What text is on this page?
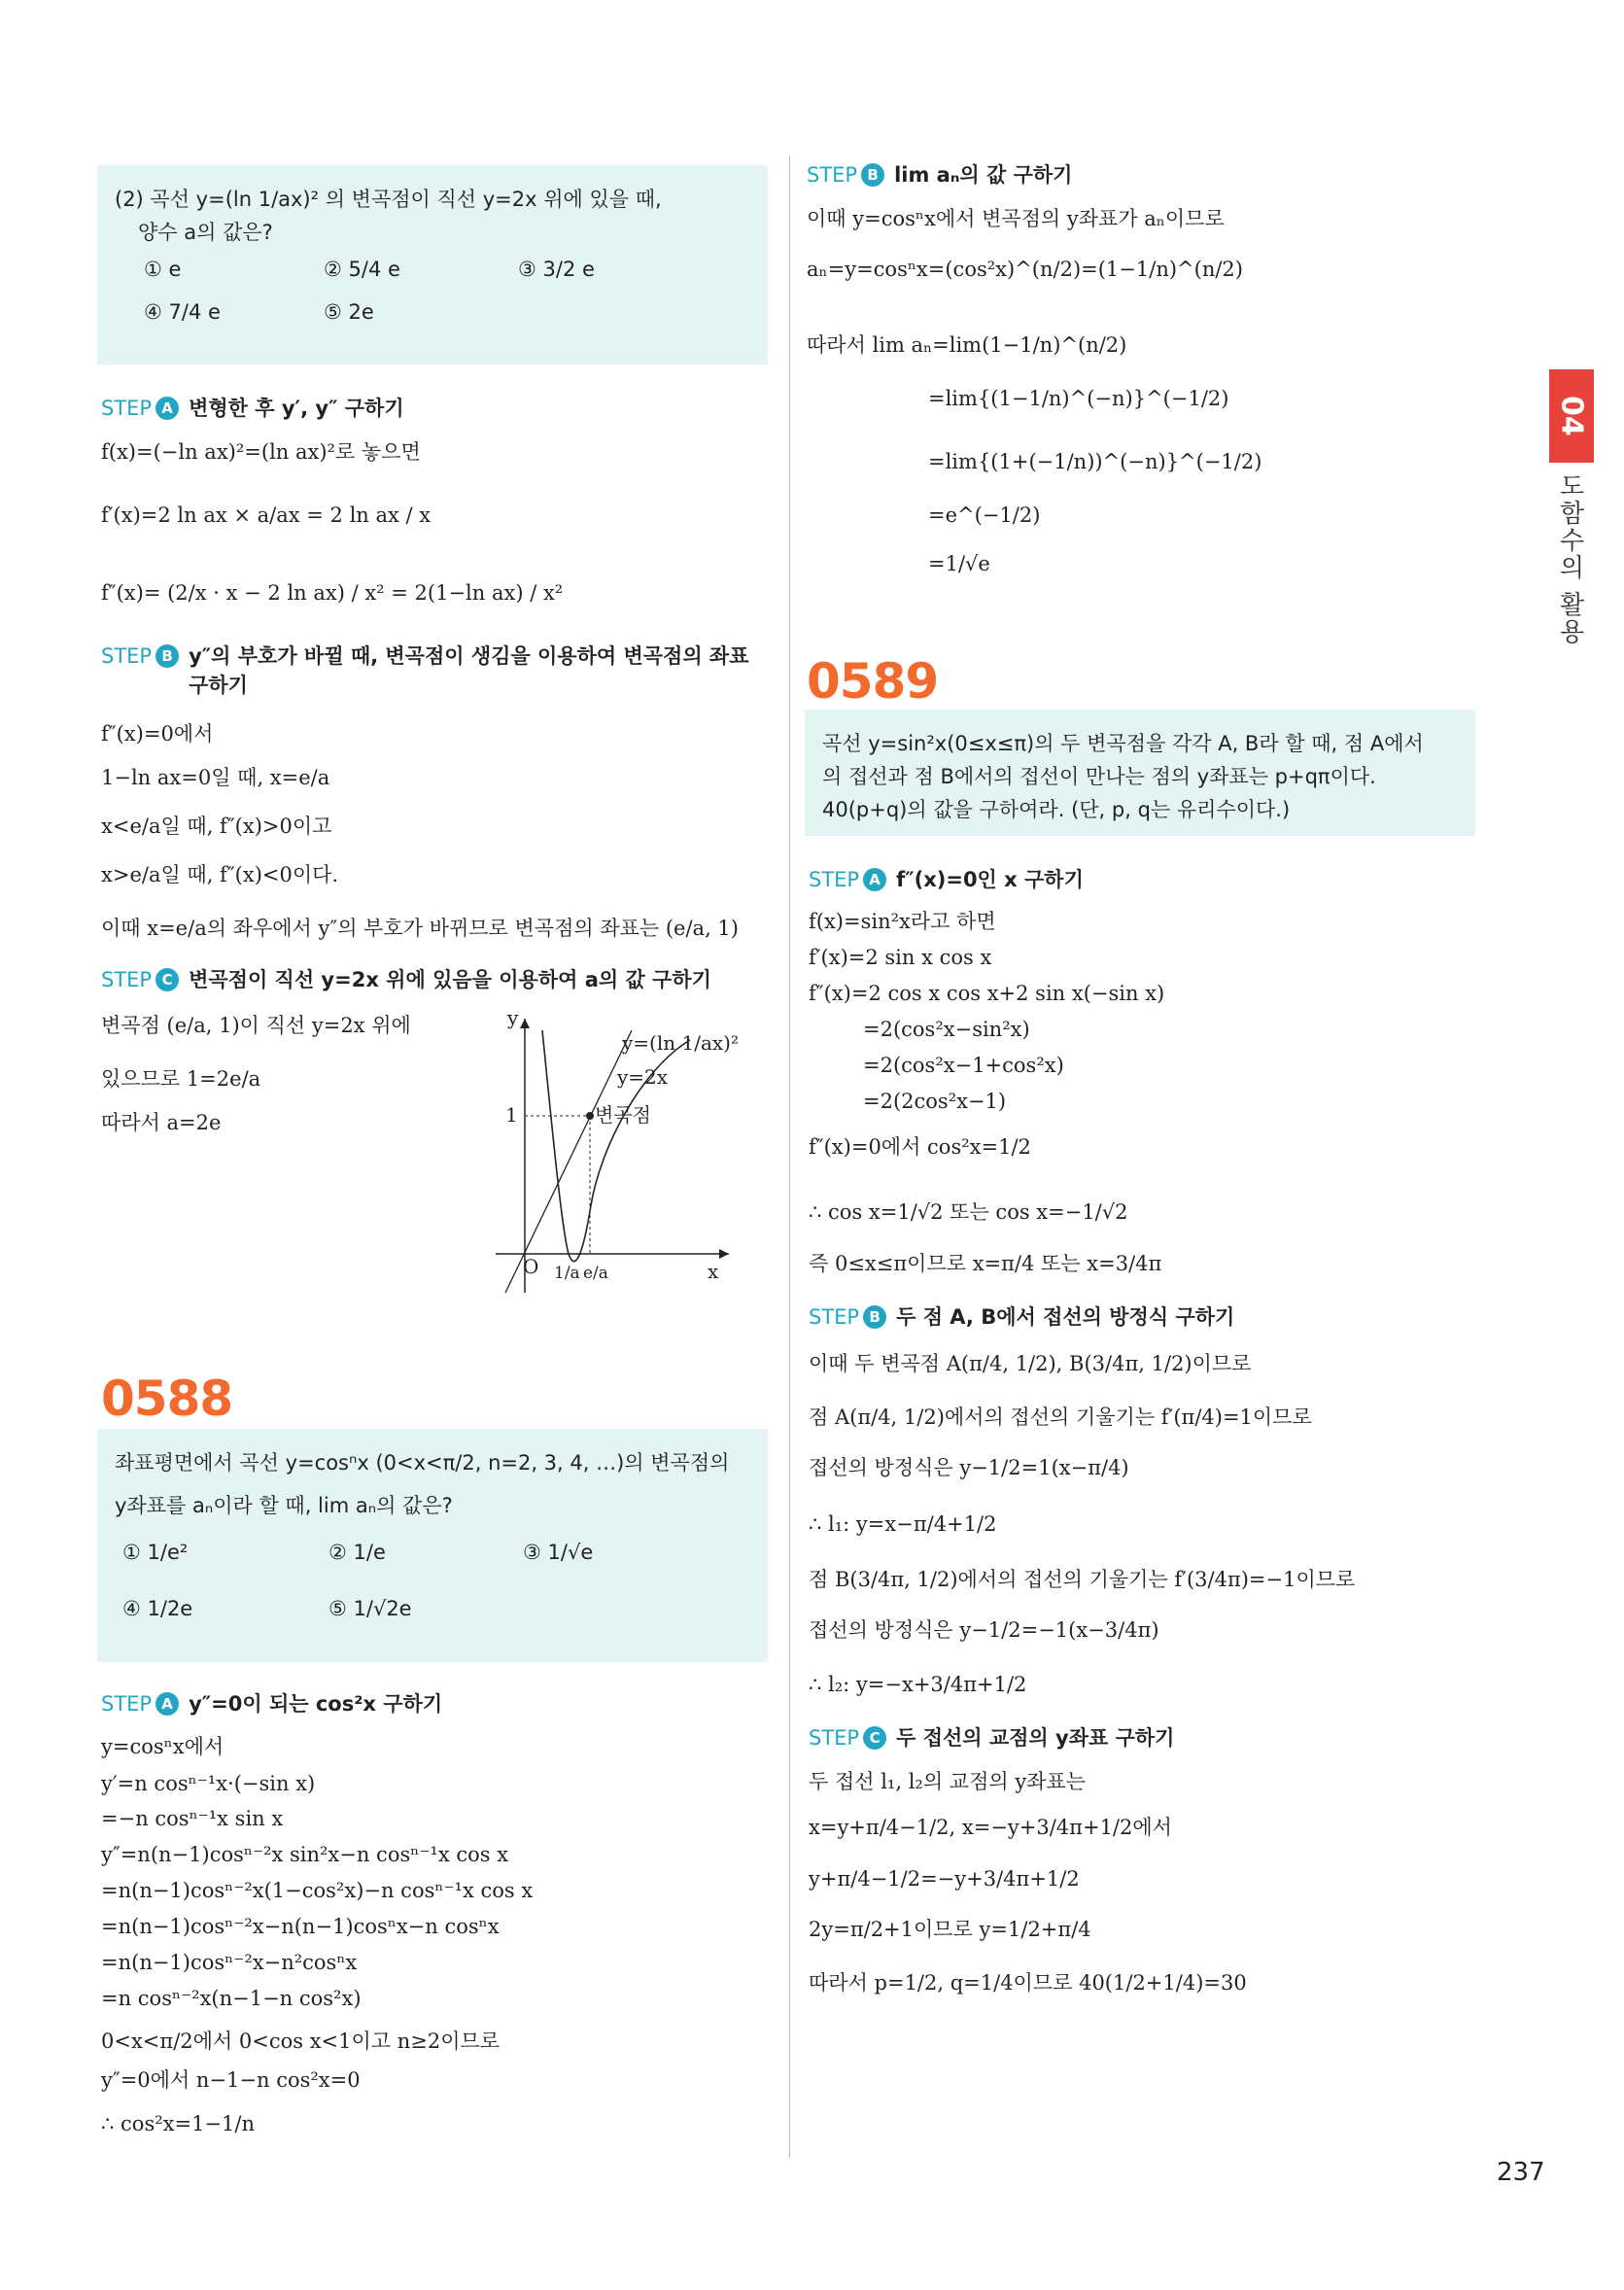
(2) 곡선 y=(ln 1/ax)² 의 변곡점이 직선 y=2x 위에 있을 때,
양수 a의 값은?
① e	② 5/4 e	③ 3/2 e
④ 7/4 e	⑤ 2e
STEP A 변형한 후 y′, y″ 구하기
f(x)=(−ln ax)²=(ln ax)²로 놓으면
f′(x)=2 ln ax × a/ax = 2 ln ax / x
f″(x)= (2/x · x − 2 ln ax) / x² = 2(1−ln ax) / x²
STEP B y″의 부호가 바뀔 때, 변곡점이 생김을 이용하여 변곡점의 좌표 구하기
f″(x)=0에서
1−ln ax=0일 때, x=e/a
x<e/a일 때, f″(x)>0이고
x>e/a일 때, f″(x)<0이다.
이때 x=e/a의 좌우에서 y″의 부호가 바뀌므로 변곡점의 좌표는 (e/a, 1)
STEP C 변곡점이 직선 y=2x 위에 있음을 이용하여 a의 값 구하기
변곡점 (e/a, 1)이 직선 y=2x 위에
있으므로 1=2e/a
따라서 a=2e
y
x
O
1
y=(ln 1/ax)²
y=2x
변곡점
1/a e/a
0588
좌표평면에서 곡선 y=cosⁿx (0<x<π/2, n=2, 3, 4, …)의 변곡점의
y좌표를 aₙ이라 할 때, lim aₙ의 값은?
① 1/e²	② 1/e	③ 1/√e
④ 1/2e	⑤ 1/√2e
STEP A y″=0이 되는 cos²x 구하기
y=cosⁿx에서
y′=n cosⁿ⁻¹x·(−sin x)
=−n cosⁿ⁻¹x sin x
y″=n(n−1)cosⁿ⁻²x sin²x−n cosⁿ⁻¹x cos x
=n(n−1)cosⁿ⁻²x(1−cos²x)−n cosⁿ⁻¹x cos x
=n(n−1)cosⁿ⁻²x−n(n−1)cosⁿx−n cosⁿx
=n(n−1)cosⁿ⁻²x−n²cosⁿx
=n cosⁿ⁻²x(n−1−n cos²x)
0<x<π/2에서 0<cos x<1이고 n≥2이므로
y″=0에서 n−1−n cos²x=0
∴ cos²x=1−1/n
STEP B lim aₙ의 값 구하기
이때 y=cosⁿx에서 변곡점의 y좌표가 aₙ이므로
aₙ=y=cosⁿx=(cos²x)^(n/2)=(1−1/n)^(n/2)
따라서 lim aₙ=lim(1−1/n)^(n/2)
=lim{(1−1/n)^(−n)}^(−1/2)
=lim{(1+(−1/n))^(−n)}^(−1/2)
=e^(−1/2)
=1/√e
0589
곡선 y=sin²x(0≤x≤π)의 두 변곡점을 각각 A, B라 할 때, 점 A에서
의 접선과 점 B에서의 접선이 만나는 점의 y좌표는 p+qπ이다.
40(p+q)의 값을 구하여라. (단, p, q는 유리수이다.)
STEP A f″(x)=0인 x 구하기
f(x)=sin²x라고 하면
f′(x)=2 sin x cos x
f″(x)=2 cos x cos x+2 sin x(−sin x)
=2(cos²x−sin²x)
=2(cos²x−1+cos²x)
=2(2cos²x−1)
f″(x)=0에서 cos²x=1/2
∴ cos x=1/√2 또는 cos x=−1/√2
즉 0≤x≤π이므로 x=π/4 또는 x=3/4π
STEP B 두 점 A, B에서 접선의 방정식 구하기
이때 두 변곡점 A(π/4, 1/2), B(3/4π, 1/2)이므로
점 A(π/4, 1/2)에서의 접선의 기울기는 f′(π/4)=1이므로
접선의 방정식은 y−1/2=1(x−π/4)
∴ l₁: y=x−π/4+1/2
점 B(3/4π, 1/2)에서의 접선의 기울기는 f′(3/4π)=−1이므로
접선의 방정식은 y−1/2=−1(x−3/4π)
∴ l₂: y=−x+3/4π+1/2
STEP C 두 접선의 교점의 y좌표 구하기
두 접선 l₁, l₂의 교점의 y좌표는
x=y+π/4−1/2, x=−y+3/4π+1/2에서
y+π/4−1/2=−y+3/4π+1/2
2y=π/2+1이므로 y=1/2+π/4
따라서 p=1/2, q=1/4이므로 40(1/2+1/4)=30
04
도함수의 활용
237
